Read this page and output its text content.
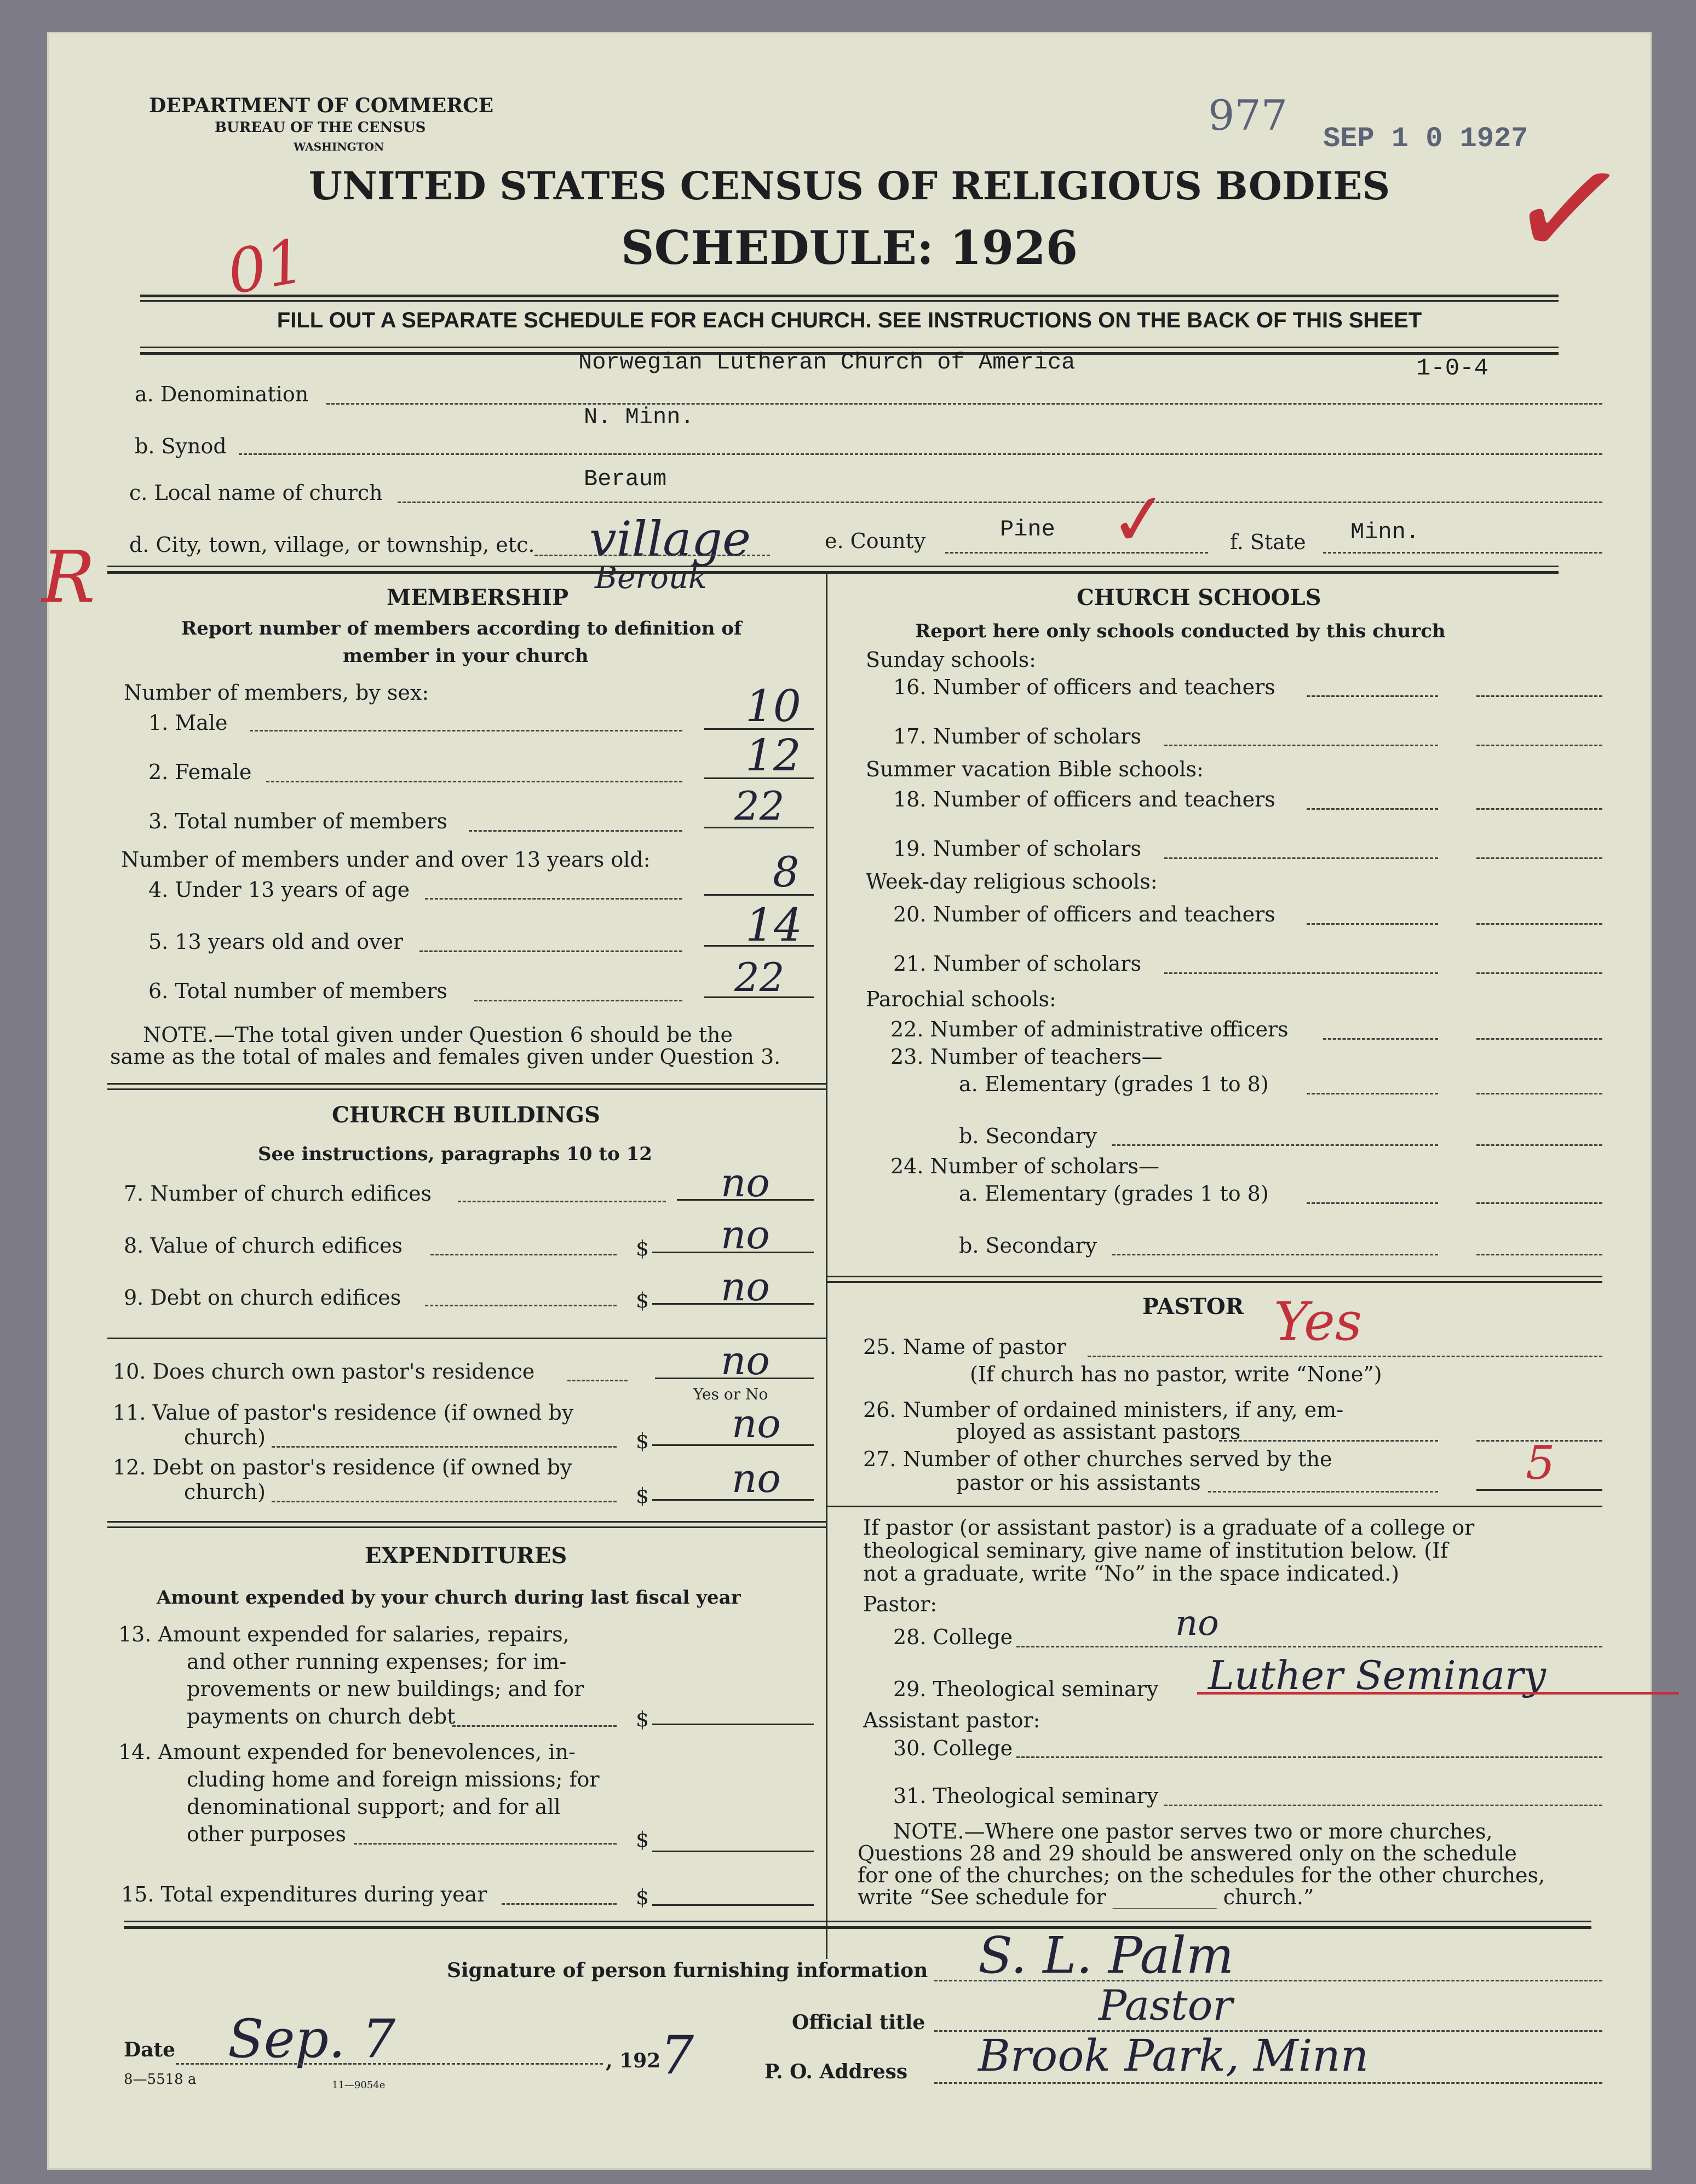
DEPARTMENT OF COMMERCE
BUREAU OF THE CENSUS
WASHINGTON
977 SEP 1 0 1927
✓
UNITED STATES CENSUS OF RELIGIOUS BODIES
SCHEDULE: 1926
01
FILL OUT A SEPARATE SCHEDULE FOR EACH CHURCH. SEE INSTRUCTIONS ON THE BACK OF THIS SHEET
Norwegian Lutheran Church of America	1-0-4
a. Denomination
N. Minn.
b. Synod
Beraum
c. Local name of church
d. City, town, village, or township, etc. village	e. County	Pine ✓	f. State Minn.
R	Berouk
MEMBERSHIP
Report number of members according to definition of
member in your church
Number of members, by sex:
1. Male	10
2. Female	12
3. Total number of members	22
Number of members under and over 13 years old:
4. Under 13 years of age	8
5. 13 years old and over	14
6. Total number of members	22
NOTE.—The total given under Question 6 should be the
same as the total of males and females given under Question 3.
CHURCH BUILDINGS
See instructions, paragraphs 10 to 12
7. Number of church edifices	no
8. Value of church edifices	$ no
9. Debt on church edifices	$ no
10. Does church own pastor's residence	no
Yes or No
11. Value of pastor's residence (if owned by
church)	$ no
12. Debt on pastor's residence (if owned by
church)	$ no
EXPENDITURES
Amount expended by your church during last fiscal year
13. Amount expended for salaries, repairs,
and other running expenses; for im-
provements or new buildings; and for
payments on church debt	$
14. Amount expended for benevolences, in-
cluding home and foreign missions; for
denominational support; and for all
other purposes	$
15. Total expenditures during year	$
CHURCH SCHOOLS
Report here only schools conducted by this church
Sunday schools:
16. Number of officers and teachers
17. Number of scholars
Summer vacation Bible schools:
18. Number of officers and teachers
19. Number of scholars
Week-day religious schools:
20. Number of officers and teachers
21. Number of scholars
Parochial schools:
22. Number of administrative officers
23. Number of teachers—
a. Elementary (grades 1 to 8)
b. Secondary
24. Number of scholars—
a. Elementary (grades 1 to 8)
b. Secondary
PASTOR
25. Name of pastor	Yes
(If church has no pastor, write “None”)
26. Number of ordained ministers, if any, em-
ployed as assistant pastors
27. Number of other churches served by the
pastor or his assistants	5
If pastor (or assistant pastor) is a graduate of a college or
theological seminary, give name of institution below. (If
not a graduate, write “No” in the space indicated.)
Pastor:
28. College	no
29. Theological seminary Luther Seminary
Assistant pastor:
30. College
31. Theological seminary
NOTE.—Where one pastor serves two or more churches,
Questions 28 and 29 should be answered only on the schedule
for one of the churches; on the schedules for the other churches,
write “See schedule for __________ church.”
Signature of person furnishing information S. L. Palm
Official title	Pastor
Date Sep. 7	, 192 7
8—5518 a	11—9054e
P. O. Address Brook Park, Minn
